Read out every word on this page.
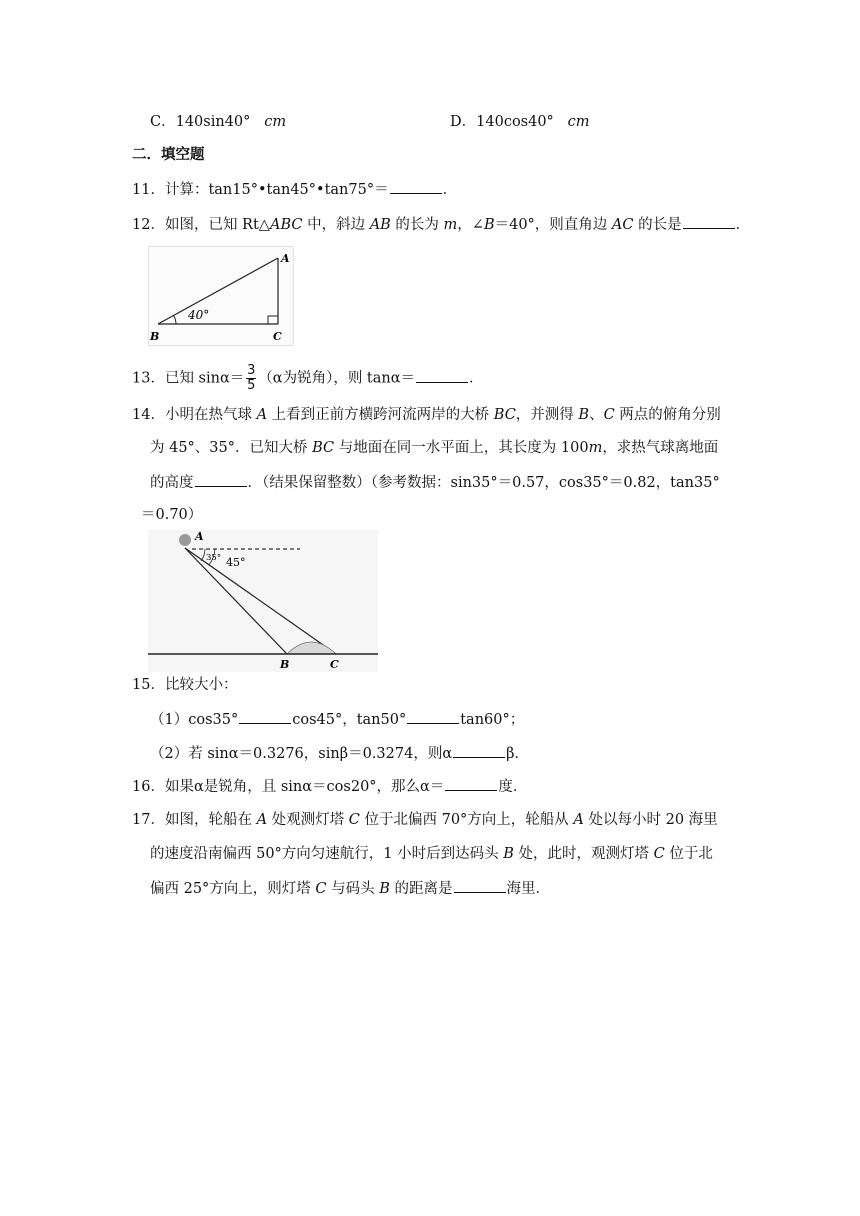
C．140sin40° cm	D．140cos40° cm
二．填空题
11．计算：tan15°•tan45°•tan75°＝	．
12．如图，已知 Rt△ABC 中，斜边 AB 的长为 m，∠B＝40°，则直角边 AC 的长是	．
40°
A
B	C
13．已知 $\sin\alpha= \frac{3}{5} (\alpha$为锐角），则 tanα＝	．
14．小明在热气球 A 上看到正前方横跨河流两岸的大桥 BC，并测得 B、C 两点的俯角分别
为 45°、35°．已知大桥 BC 与地面在同一水平面上，其长度为 100m，求热气球离地面
的高度	．（结果保留整数）（参考数据：sin35°＝0.57，cos35°＝0.82，tan35°
＝0.70）
A
35° 45°
B	C
15．比较大小：
（1）cos35°	cos45°，tan50°	tan60°；
（2）若 sinα＝0.3276，sinβ＝0.3274，则α	β．
16．如果α是锐角，且 sinα＝cos20°，那么α＝	度．
17．如图，轮船在 A 处观测灯塔 C 位于北偏西 70°方向上，轮船从 A 处以每小时 20 海里
的速度沿南偏西 50°方向匀速航行，1 小时后到达码头 B 处，此时，观测灯塔 C 位于北
偏西 25°方向上，则灯塔 C 与码头 B 的距离是	海里．
